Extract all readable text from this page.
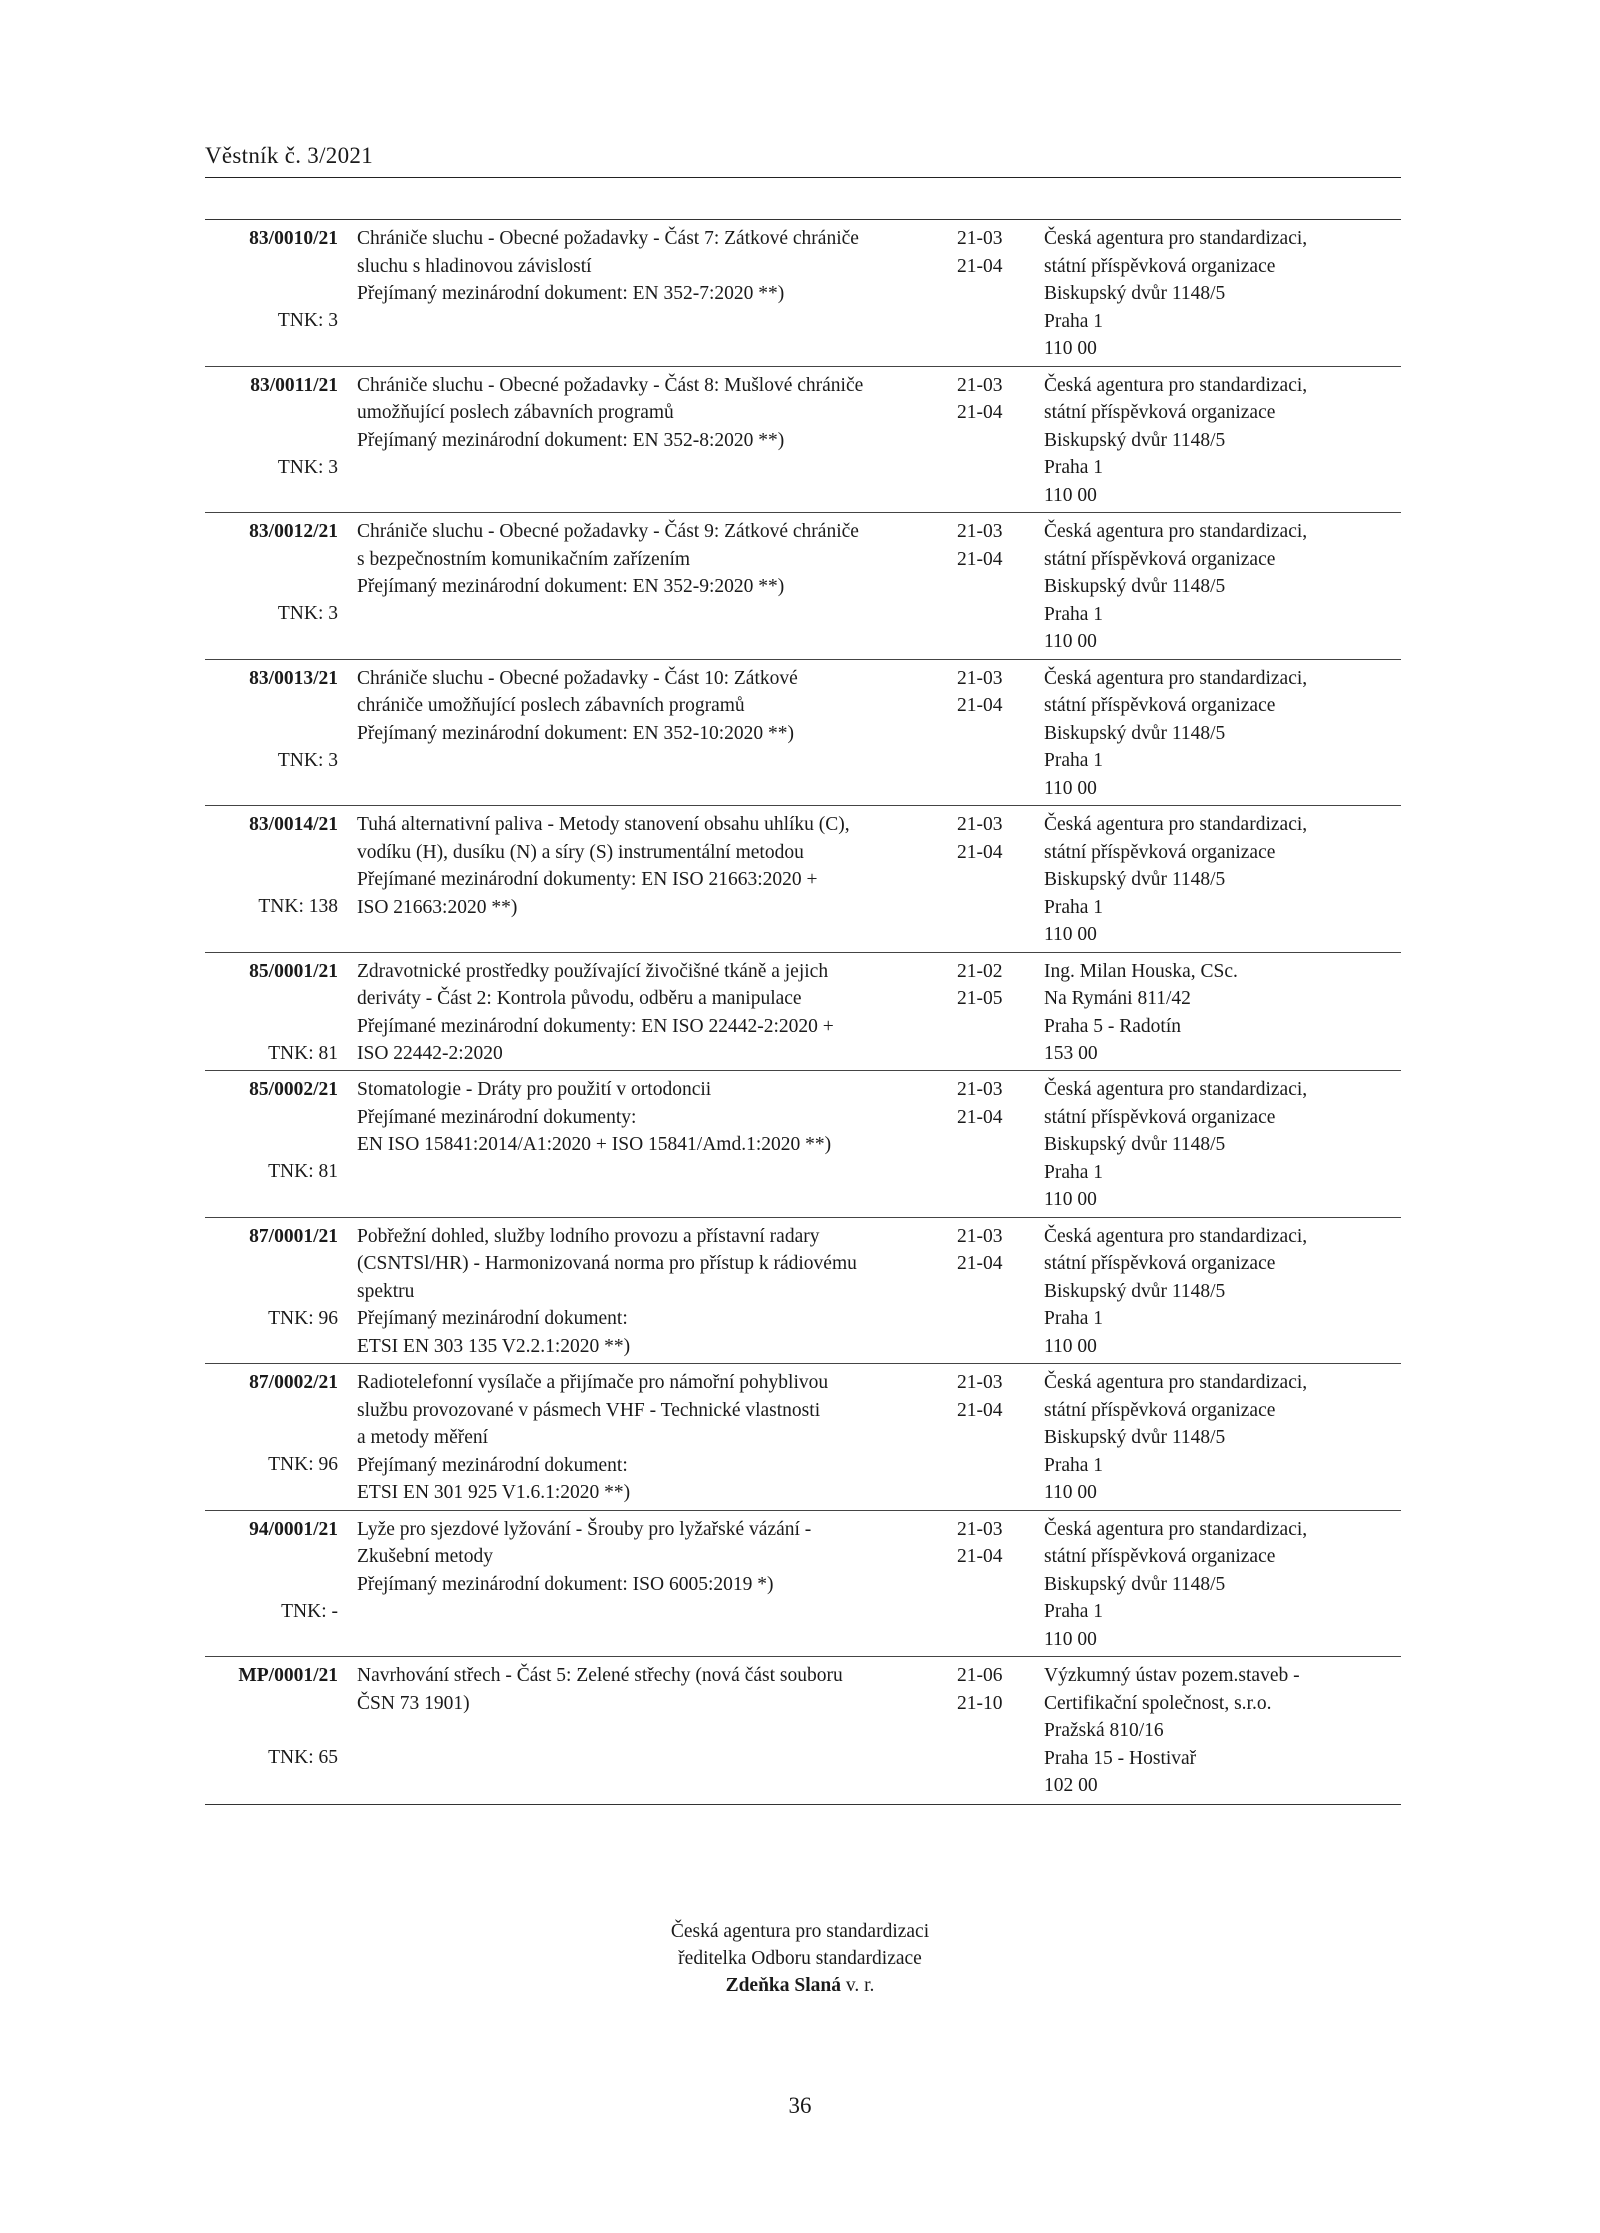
Věstník č. 3/2021
83/0010/21
TNK: 3
Chrániče sluchu - Obecné požadavky - Část 7: Zátkové chrániče
sluchu s hladinovou závislostí
Přejímaný mezinárodní dokument: EN 352-7:2020 **)
21-03
21-04
Česká agentura pro standardizaci,
státní příspěvková organizace
Biskupský dvůr 1148/5
Praha 1
110 00
83/0011/21
TNK: 3
Chrániče sluchu - Obecné požadavky - Část 8: Mušlové chrániče
umožňující poslech zábavních programů
Přejímaný mezinárodní dokument: EN 352-8:2020 **)
21-03
21-04
Česká agentura pro standardizaci,
státní příspěvková organizace
Biskupský dvůr 1148/5
Praha 1
110 00
83/0012/21
TNK: 3
Chrániče sluchu - Obecné požadavky - Část 9: Zátkové chrániče
s bezpečnostním komunikačním zařízením
Přejímaný mezinárodní dokument: EN 352-9:2020 **)
21-03
21-04
Česká agentura pro standardizaci,
státní příspěvková organizace
Biskupský dvůr 1148/5
Praha 1
110 00
83/0013/21
TNK: 3
Chrániče sluchu - Obecné požadavky - Část 10: Zátkové
chrániče umožňující poslech zábavních programů
Přejímaný mezinárodní dokument: EN 352-10:2020 **)
21-03
21-04
Česká agentura pro standardizaci,
státní příspěvková organizace
Biskupský dvůr 1148/5
Praha 1
110 00
83/0014/21
TNK: 138
Tuhá alternativní paliva - Metody stanovení obsahu uhlíku (C),
vodíku (H), dusíku (N) a síry (S) instrumentální metodou
Přejímané mezinárodní dokumenty: EN ISO 21663:2020 +
ISO 21663:2020 **)
21-03
21-04
Česká agentura pro standardizaci,
státní příspěvková organizace
Biskupský dvůr 1148/5
Praha 1
110 00
85/0001/21
TNK: 81
Zdravotnické prostředky používající živočišné tkáně a jejich
deriváty - Část 2: Kontrola původu, odběru a manipulace
Přejímané mezinárodní dokumenty: EN ISO 22442-2:2020 +
ISO 22442-2:2020
21-02
21-05
Ing. Milan Houska, CSc.
Na Rymáni 811/42
Praha 5 - Radotín
153 00
85/0002/21
TNK: 81
Stomatologie - Dráty pro použití v ortodoncii
Přejímané mezinárodní dokumenty:
EN ISO 15841:2014/A1:2020 + ISO 15841/Amd.1:2020 **)
21-03
21-04
Česká agentura pro standardizaci,
státní příspěvková organizace
Biskupský dvůr 1148/5
Praha 1
110 00
87/0001/21
TNK: 96
Pobřežní dohled, služby lodního provozu a přístavní radary
(CSNTSl/HR) - Harmonizovaná norma pro přístup k rádiovému
spektru
Přejímaný mezinárodní dokument:
ETSI EN 303 135 V2.2.1:2020 **)
21-03
21-04
Česká agentura pro standardizaci,
státní příspěvková organizace
Biskupský dvůr 1148/5
Praha 1
110 00
87/0002/21
TNK: 96
Radiotelefonní vysílače a přijímače pro námořní pohyblivou
službu provozované v pásmech VHF - Technické vlastnosti
a metody měření
Přejímaný mezinárodní dokument:
ETSI EN 301 925 V1.6.1:2020 **)
21-03
21-04
Česká agentura pro standardizaci,
státní příspěvková organizace
Biskupský dvůr 1148/5
Praha 1
110 00
94/0001/21
TNK: -
Lyže pro sjezdové lyžování - Šrouby pro lyžařské vázání -
Zkušební metody
Přejímaný mezinárodní dokument: ISO 6005:2019 *)
21-03
21-04
Česká agentura pro standardizaci,
státní příspěvková organizace
Biskupský dvůr 1148/5
Praha 1
110 00
MP/0001/21
TNK: 65
Navrhování střech - Část 5: Zelené střechy (nová část souboru
ČSN 73 1901)
21-06
21-10
Výzkumný ústav pozem.staveb -
Certifikační společnost, s.r.o.
Pražská 810/16
Praha 15 - Hostivař
102 00
Česká agentura pro standardizaci
ředitelka Odboru standardizace
Zdeňka Slaná v. r.
36
